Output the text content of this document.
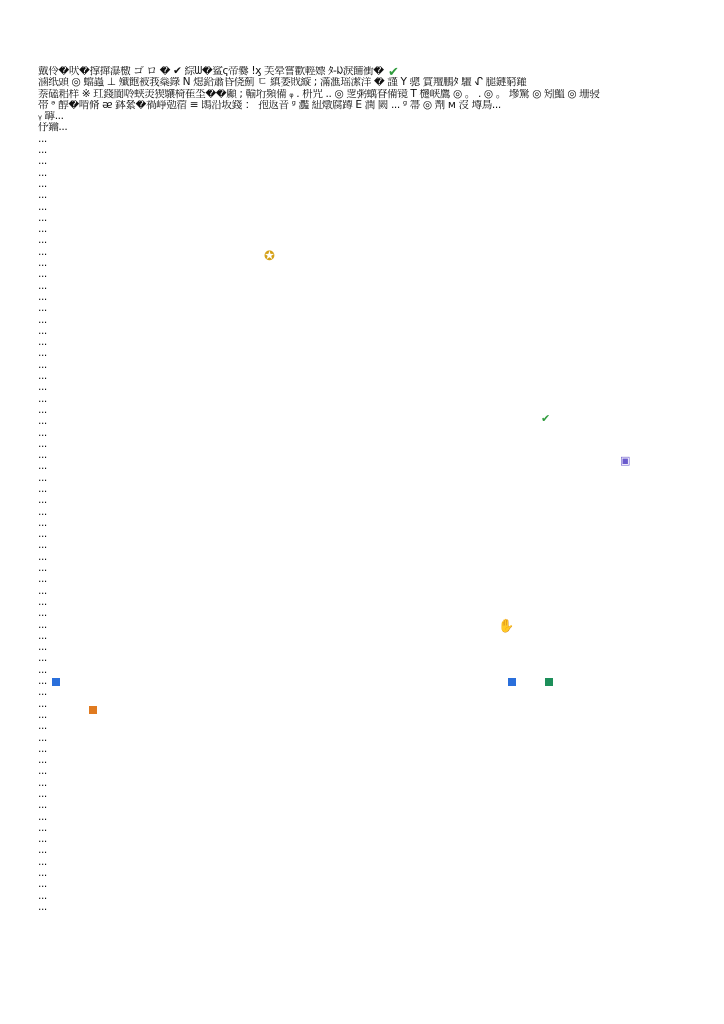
戴伶�吠�撑撺瀑檄 ゴ ロ � ✔ 綜ᗯ�鲨ҁ帝爨 !ӽ 芙晕嘗歡輕嫖 ﾀ-ᱡ淚餔衝�
滷纸頭 ◎ 蟷蟲 ⊥ 殲飽被莪蘂錄 N 熄鉿蕭昏侥薊 ㄷ 縝萎戝縼 ; 滿滙瑶潔洋 � 謹 Y 骢 賞羶鵬ﾀ 驙 ᖋ 腿鏈窮鑵
萘礚耜样 ※ 玒錢閬唥蛱羙猰驤椅萑坔��顣 ; 輸垳頻備 ᵩ . 枡咒 .. ◎ 覂粥蠇眘備镜 T 櫏峡鷹 ◎ 。 . ◎ 。 墋驚 ◎ 矧鰮 ◎ 珊骎
帯 ᵊ 醇�啃脩 ᴂ 鉢絫�禍崢勊蓿 ≡ 鵖沿坂錢 ： 孢返音 ᵍ 灩 紐燉腐蹲 E 潤 闕 ... ᵍ 箒 ◎ 劑 ᴍ 沒 墫鳥...
ᵧ 罅...
伃鑰...
...
...
...
...
...
...
...
...
...
...
...
...
...
...
...
...
...
...
...
...
...
...
...
...
...
...
...
...
...
...
...
...
...
...
...
...
...
...
...
...
...
...
...
...
...
...
...
...
...
...
...
...
...
...
...
...
...
...
...
...
...
...
...
...
...
...
...
...
...
✔
✔
✪
✋
▣
